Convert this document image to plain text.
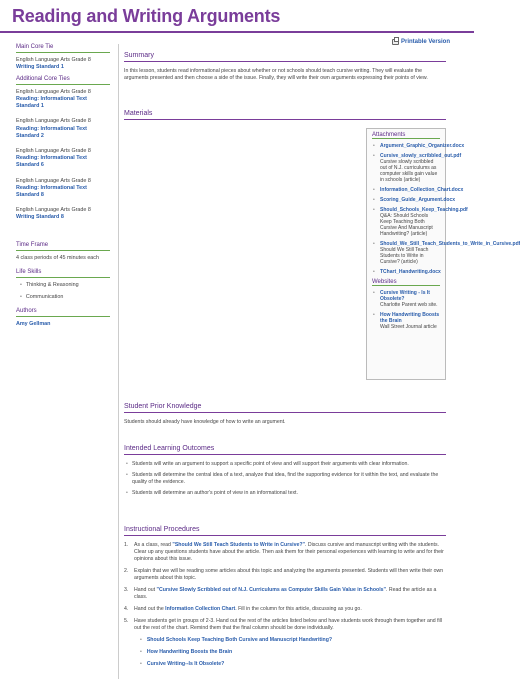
Reading and Writing Arguments
Printable Version
Main Core Tie
English Language Arts Grade 8
Writing Standard 1
Additional Core Ties
English Language Arts Grade 8
Reading: Informational Text Standard 1
English Language Arts Grade 8
Reading: Informational Text Standard 2
English Language Arts Grade 8
Reading: Informational Text Standard 6
English Language Arts Grade 8
Reading: Informational Text Standard 8
English Language Arts Grade 8
Writing Standard 8
Time Frame

4 class periods of 45 minutes each

Life Skills
• Thinking & Reasoning
• Communication
Authors
Amy Gellman
Summary

In this lesson, students read informational pieces about whether or not schools should teach cursive writing. They will evaluate the arguments presented and then choose a side of the issue. Finally, they will write their own arguments expressing their points of view.

Materials
Attachments
• Argument_Graphic_Organizer.docx
• Cursive_slowly_scribbled_out.pdf
Cursive slowly scribbled out of N.J. curriculums as computer skills gain value in schools (article)
• Information_Collection_Chart.docx
• Scoring_Guide_Argument.docx
• Should_Schools_Keep_Teaching.pdf
Q&A: Should Schools Keep Teaching Both Cursive And Manuscript Handwriting? (article)
• Should_We_Still_Teach_Students_to_Write_in_Cursive.pdf
Should We Still Teach Students to Write in Cursive? (article)
• TChart_Handwriting.docx
Websites
• Cursive Writing - Is It Obsolete?
Charlotte Parent web site.
• How Handwriting Boosts the Brain
Wall Street Journal article
Student Prior Knowledge

Students should already have knowledge of how to write an argument.

Intended Learning Outcomes
• Students will write an argument to support a specific point of view and will support their arguments with clear information.
• Students will determine the central idea of a text, analyze that idea, find the supporting evidence for it within the text, and evaluate the quality of the evidence.
• Students will determine an author's point of view in an informational text.
Instructional Procedures
1.	As a class, read "Should We Still Teach Students to Write in Cursive?". Discuss cursive and manuscript writing with the students. Clear up any questions students have about the article. Then ask them for their personal experiences with learning to write and for their opinions about this issue.
2.	Explain that we will be reading some articles about this topic and analyzing the arguments presented. Students will then write their own arguments about this topic.
3.	Hand out "Cursive Slowly Scribbled out of N.J. Curriculums as Computer Skills Gain Value in Schools". Read the article as a class.
4.	Hand out the Information Collection Chart. Fill in the column for this article, discussing as you go.
5.	Have students get in groups of 2-3. Hand out the rest of the articles listed below and have students work through them together and fill out the rest of the chart. Remind them that the final column should be done individually.
• Should Schools Keep Teaching Both Cursive and Manuscript Handwriting?
• How Handwriting Boosts the Brain
• Cursive Writing--Is It Obsolete?
